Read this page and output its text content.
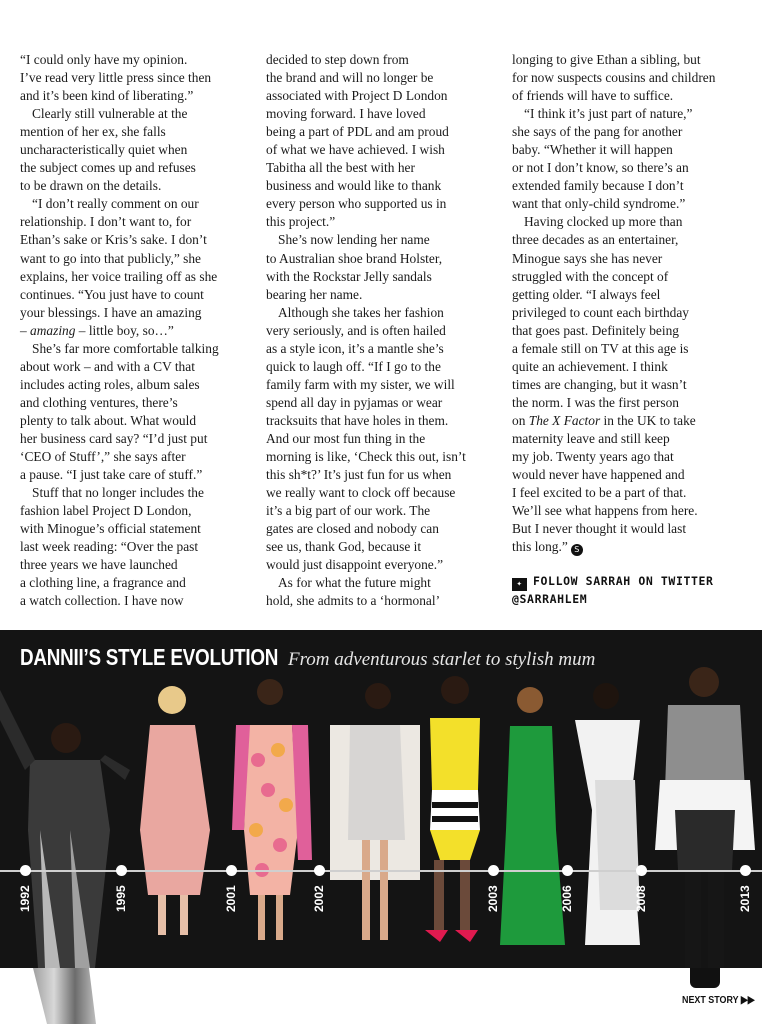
“I could only have my opinion.
I’ve read very little press since then
and it’s been kind of liberating.”
Clearly still vulnerable at the
mention of her ex, she falls
uncharacteristically quiet when
the subject comes up and refuses
to be drawn on the details.
“I don’t really comment on our
relationship. I don’t want to, for
Ethan’s sake or Kris’s sake. I don’t
want to go into that publicly,” she
explains, her voice trailing off as she
continues. “You just have to count
your blessings. I have an amazing
– amazing – little boy, so…”
She’s far more comfortable talking
about work – and with a CV that
includes acting roles, album sales
and clothing ventures, there’s
plenty to talk about. What would
her business card say? “I’d just put
‘CEO of Stuff’,” she says after
a pause. “I just take care of stuff.”
Stuff that no longer includes the
fashion label Project D London,
with Minogue’s official statement
last week reading: “Over the past
three years we have launched
a clothing line, a fragrance and
a watch collection. I have now
decided to step down from
the brand and will no longer be
associated with Project D London
moving forward. I have loved
being a part of PDL and am proud
of what we have achieved. I wish
Tabitha all the best with her
business and would like to thank
every person who supported us in
this project.”
She’s now lending her name
to Australian shoe brand Holster,
with the Rockstar Jelly sandals
bearing her name.
Although she takes her fashion
very seriously, and is often hailed
as a style icon, it’s a mantle she’s
quick to laugh off. “If I go to the
family farm with my sister, we will
spend all day in pyjamas or wear
tracksuits that have holes in them.
And our most fun thing in the
morning is like, ‘Check this out, isn’t
this sh*t?’ It’s just fun for us when
we really want to clock off because
it’s a big part of our work. The
gates are closed and nobody can
see us, thank God, because it
would just disappoint everyone.”
As for what the future might
hold, she admits to a ‘hormonal’
longing to give Ethan a sibling, but
for now suspects cousins and children
of friends will have to suffice.
“I think it’s just part of nature,”
she says of the pang for another
baby. “Whether it will happen
or not I don’t know, so there’s an
extended family because I don’t
want that only-child syndrome.”
Having clocked up more than
three decades as an entertainer,
Minogue says she has never
struggled with the concept of
getting older. “I always feel
privileged to count each birthday
that goes past. Definitely being
a female still on TV at this age is
quite an achievement. I think
times are changing, but it wasn’t
the norm. I was the first person
on The X Factor in the UK to take
maternity leave and still keep
my job. Twenty years ago that
would never have happened and
I feel excited to be a part of that.
We’ll see what happens from here.
But I never thought it would last
this long.” S
✦ FOLLOW SARRAH ON TWITTER
@SARRAHLEM
DANNII’S STYLE EVOLUTION From adventurous starlet to stylish mum
1992	1995	2001	2002	2003	2006	2008	2013
NEXT STORY ▶▶
